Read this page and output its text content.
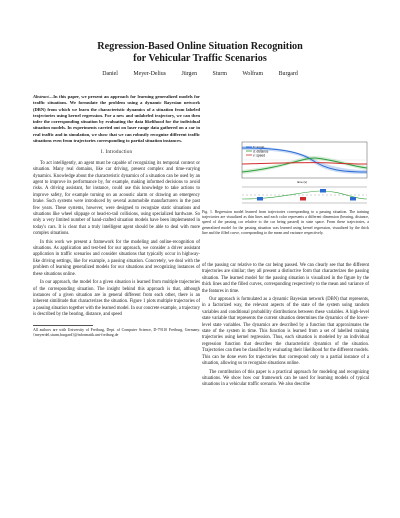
Regression-Based Online Situation Recognition
for Vehicular Traffic Scenarios
Daniel Meyer-Delius	Jürgen Sturm	Wolfram Burgard
Abstract—In this paper, we present an approach for learning generalized models for traffic situations. We formulate the problem using a dynamic Bayesian network (DBN) from which we learn the characteristic dynamics of a situation from labeled trajectories using kernel regression. For a new and unlabeled trajectory, we can then infer the corresponding situation by evaluating the data likelihood for the individual situation models. In experiments carried out on laser range data gathered on a car in real traffic and in simulation, we show that we can robustly recognize different traffic situations even from trajectories corresponding to partial situation instances.
I. Introduction

To act intelligently, an agent must be capable of recognizing its temporal context or situation. Many real domains, like car driving, present complex and time-varying dynamics. Knowledge about the characteristic dynamics of a situation can be used by an agent to improve its performance by, for example, making informed decisions to avoid risks. A driving assistant, for instance, could use this knowledge to take actions to improve safety, for example turning on an acoustic alarm or drawing an emergency brake. Such systems were introduced by several automobile manufacturers in the past few years. These systems, however, were designed to recognize static situations and situations like wheel slippage or head-to-tail collisions, using specialized hardware. So only a very limited number of hand-crafted situation models have been implemented in today's cars. It is clear that a truly intelligent agent should be able to deal with more complex situations.

In this work we present a framework for the modeling and online-recognition of situations. As application and test-bed for our approach, we consider a driver assistant application in traffic scenarios and consider situations that typically occur in highway-like driving settings, like for example, a passing situation. Concretely, we deal with the problem of learning generalized models for our situations and recognizing instances of these situations online.

In our approach, the model for a given situation is learned from multiple trajectories of the corresponding situation. The insight behind this approach is that, although instances of a given situation are in general different from each other, there is an inherent similitude that characterizes the situation. Figure 1 plots multiple trajectories of a passing situation together with the learned model. In our concrete example, a trajectory is described by the bearing, distance, and speed

All authors are with University of Freiburg, Dept. of Computer Science, D-79110 Freiburg, Germany. {meyerdel,sturm,burgard}@informatik.uni-freiburg.de
b: angle
d: distance
v: speed
time (s)
Fig. 1. Regression model learned from trajectories corresponding to a passing situation. The training trajectories are visualized as thin lines and each color represents a different dimension (bearing, distance, speed of the passing car relative to the car being passed) in state space. From these trajectories, a generalized model for the passing situation was learned using kernel regression, visualized by the thick line and the filled curve, corresponding to the mean and variance respectively.

of the passing car relative to the car being passed. We can clearly see that the different trajectories are similar; they all present a distinctive form that characterizes the passing situation. The learned model for the passing situation is visualized in the figure by the thick lines and the filled curves, corresponding respectively to the mean and variance of the features in time.

Our approach is formulated as a dynamic Bayesian network (DBN) that represents, in a factorized way, the relevant aspects of the state of the system using random variables and conditional probability distributions between these variables. A high-level state variable that represents the current situation determines the dynamics of the lower-level state variables. The dynamics are described by a function that approximates the state of the system in time. This function is learned from a set of labelled training trajectories using kernel regression. Thus, each situation is modeled by an individual regression function that describes the characteristic dynamics of the situation. Trajectories can then be classified by evaluating their likelihood for the different models. This can be done even for trajectories that correspond only to a partial instance of a situation, allowing us to recognize situations online.

The contribution of this paper is a practical approach for modeling and recognizing situations. We show how our framework can be used for learning models of typical situations in a vehicular traffic scenario. We also describe
